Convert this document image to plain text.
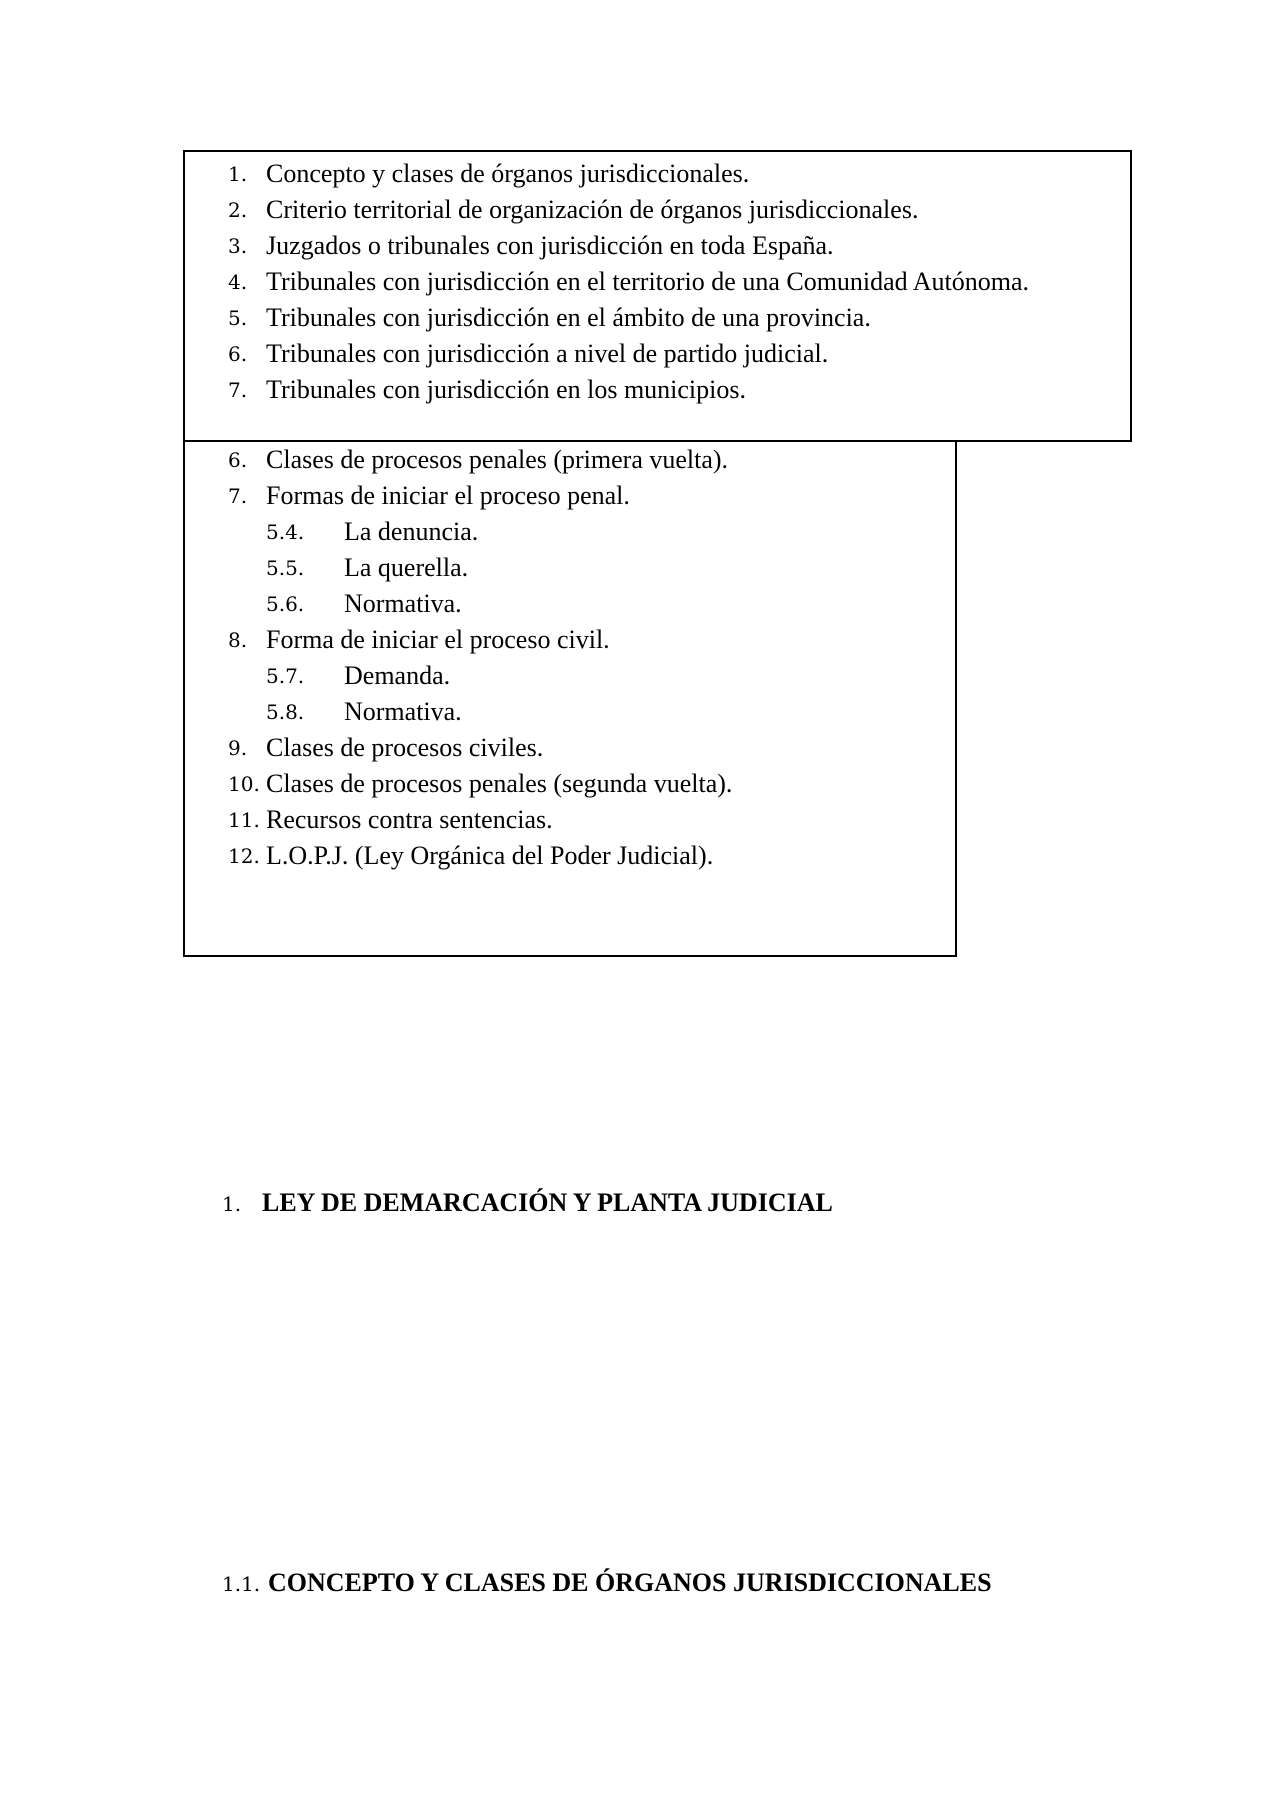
1. Concepto y clases de órganos jurisdiccionales.
2. Criterio territorial de organización de órganos jurisdiccionales.
3. Juzgados o tribunales con jurisdicción en toda España.
4. Tribunales con jurisdicción en el territorio de una Comunidad Autónoma.
5. Tribunales con jurisdicción en el ámbito de una provincia.
6. Tribunales con jurisdicción a nivel de partido judicial.
7. Tribunales con jurisdicción en los municipios.
6. Clases de procesos penales (primera vuelta).
7. Formas de iniciar el proceso penal.
5.4. La denuncia.
5.5. La querella.
5.6. Normativa.
8. Forma de iniciar el proceso civil.
5.7. Demanda.
5.8. Normativa.
9. Clases de procesos civiles.
10. Clases de procesos penales (segunda vuelta).
11. Recursos contra sentencias.
12. L.O.P.J. (Ley Orgánica del Poder Judicial).
1. LEY DE DEMARCACIÓN Y PLANTA JUDICIAL
1.1. CONCEPTO Y CLASES DE ÓRGANOS JURISDICCIONALES
